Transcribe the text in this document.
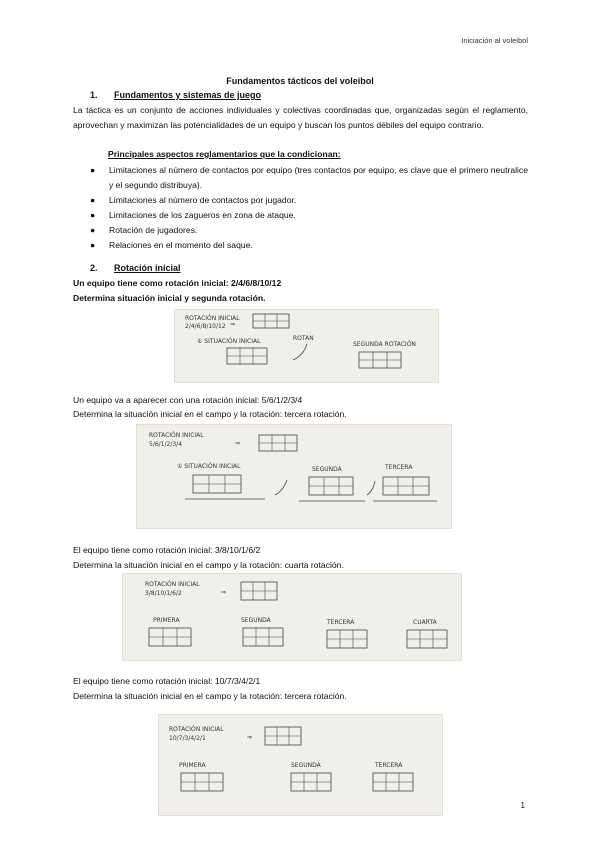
Iniciación al voleibol
Fundamentos tácticos del voleibol
1. Fundamentos y sistemas de juego
La táctica es un conjunto de acciones individuales y colectivas coordinadas que, organizadas según el reglamento, aprovechan y maximizan las potencialidades de un equipo y buscan los puntos débiles del equipo contrario.
Principales aspectos reglamentarios que la condicionan:
● Limitaciones al número de contactos por equipo (tres contactos por equipo, es clave que el primero neutralice y el segundo distribuya).
● Limitaciones al número de contactos por jugador.
● Limitaciones de los zagueros en zona de ataque.
● Rotación de jugadores.
● Relaciones en el momento del saque.
2. Rotación inicial
Un equipo tiene como rotación inicial: 2/4/6/8/10/12
Determina situación inicial y segunda rotación.
ROTACIÓN INICIAL
2/4/6/8/10/12 ⇒
① SITUACIÓN INICIAL	ROTAN
SEGUNDA ROTACIÓN
Un equipo va a aparecer con una rotación inicial: 5/6/1/2/3/4
Determina la situación inicial en el campo y la rotación: tercera rotación.
ROTACIÓN INICIAL
5/6/1/2/3/4	⇒
① SITUACIÓN INICIAL	SEGUNDA	TERCERA
El equipo tiene como rotación inicial: 3/8/10/1/6/2
Determina la situación inicial en el campo y la rotación: cuarta rotación.
ROTACIÓN INICIAL
3/8/10/1/6/2	⇒
PRIMERA	SEGUNDA	TERCERA	CUARTA
El equipo tiene como rotación inicial: 10/7/3/4/2/1
Determina la situación inicial en el campo y la rotación: tercera rotación.
ROTACIÓN INICIAL
10/7/3/4/2/1	⇒
PRIMERA	SEGUNDA	TERCERA
1
